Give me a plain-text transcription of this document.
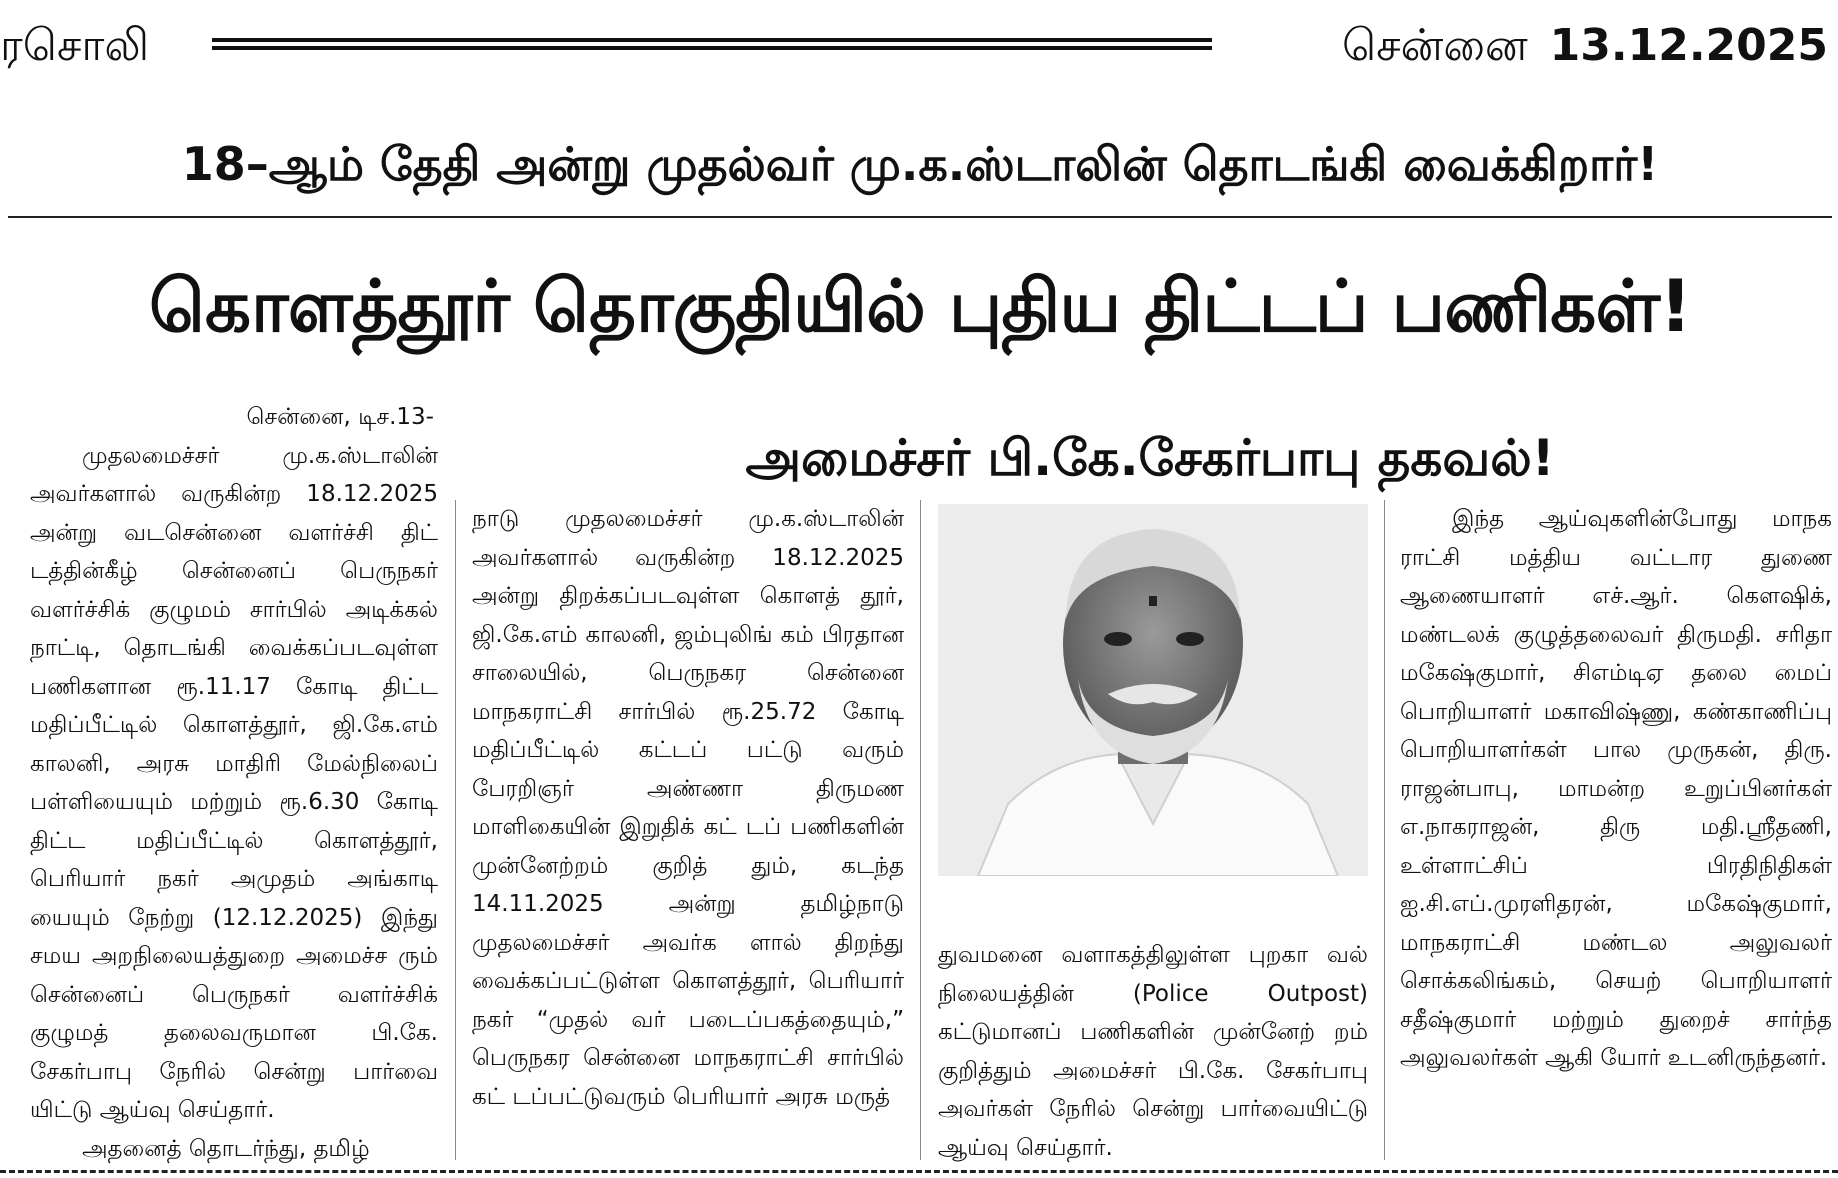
ரசொலி	சென்னை 13.12.2025
18–ஆம் தேதி அன்று முதல்வர் மு.க.ஸ்டாலின் தொடங்கி வைக்கிறார்!
கொளத்தூர் தொகுதியில் புதிய திட்டப் பணிகள்!
அமைச்சர் பி.கே.சேகர்பாபு தகவல்!
சென்னை, டிச.13-

முதலமைச்சர் மு.க.ஸ்டாலின் அவர்களால் வருகின்ற 18.12.2025 அன்று வடசென்னை வளர்ச்சி திட் டத்தின்கீழ் சென்னைப் பெருநகர் வளர்ச்சிக் குழுமம் சார்பில் அடிக்கல் நாட்டி, தொடங்கி வைக்கப்படவுள்ள பணிகளான ரூ.11.17 கோடி திட்ட மதிப்பீட்டில் கொளத்தூர், ஜி.கே.எம் காலனி, அரசு மாதிரி மேல்நிலைப் பள்ளியையும் மற்றும் ரூ.6.30 கோடி திட்ட மதிப்பீட்டில் கொளத்தூர், பெரியார் நகர் அமுதம் அங்காடி யையும் நேற்று (12.12.2025) இந்து சமய அறநிலையத்துறை அமைச்ச ரும் சென்னைப் பெருநகர் வளர்ச்சிக் குழுமத் தலைவருமான பி.கே. சேகர்பாபு நேரில் சென்று பார்வை யிட்டு ஆய்வு செய்தார்.

அதனைத் தொடர்ந்து, தமிழ்

நாடு முதலமைச்சர் மு.க.ஸ்டாலின் அவர்களால் வருகின்ற 18.12.2025 அன்று திறக்கப்படவுள்ள கொளத் தூர், ஜி.கே.எம் காலனி, ஜம்புலிங் கம் பிரதான சாலையில், பெருநகர சென்னை மாநகராட்சி சார்பில் ரூ.25.72 கோடி மதிப்பீட்டில் கட்டப் பட்டு வரும் பேரறிஞர் அண்ணா திருமண மாளிகையின் இறுதிக் கட் டப் பணிகளின் முன்னேற்றம் குறித் தும், கடந்த 14.11.2025 அன்று தமிழ்நாடு முதலமைச்சர் அவர்க ளால் திறந்து வைக்கப்பட்டுள்ள கொளத்தூர், பெரியார் நகர் “முதல் வர் படைப்பகத்தையும்,” பெருநகர சென்னை மாநகராட்சி சார்பில் கட் டப்பட்டுவரும் பெரியார் அரசு மருத்

துவமனை வளாகத்திலுள்ள புறகா வல் நிலையத்தின் (Police Outpost) கட்டுமானப் பணிகளின் முன்னேற் றம் குறித்தும் அமைச்சர் பி.கே. சேகர்பாபு அவர்கள் நேரில் சென்று பார்வையிட்டு ஆய்வு செய்தார்.

இந்த ஆய்வுகளின்போது மாநக ராட்சி மத்திய வட்டார துணை ஆணையாளர் எச்.ஆர். கௌஷிக், மண்டலக் குழுத்தலைவர் திருமதி. சரிதா மகேஷ்குமார், சிஎம்டிஏ தலை மைப் பொறியாளர் மகாவிஷ்ணு, கண்காணிப்பு பொறியாளர்கள் பால முருகன், திரு. ராஜன்பாபு, மாமன்ற உறுப்பினர்கள் எ.நாகராஜன், திரு மதி.ஸ்ரீதணி, உள்ளாட்சிப் பிரதிநிதிகள் ஐ.சி.எப்.முரளிதரன், மகேஷ்குமார், மாநகராட்சி மண்டல அலுவலர் சொக்கலிங்கம், செயற் பொறியாளர் சதீஷ்குமார் மற்றும் துறைச் சார்ந்த அலுவலர்கள் ஆகி யோர் உடனிருந்தனர்.
